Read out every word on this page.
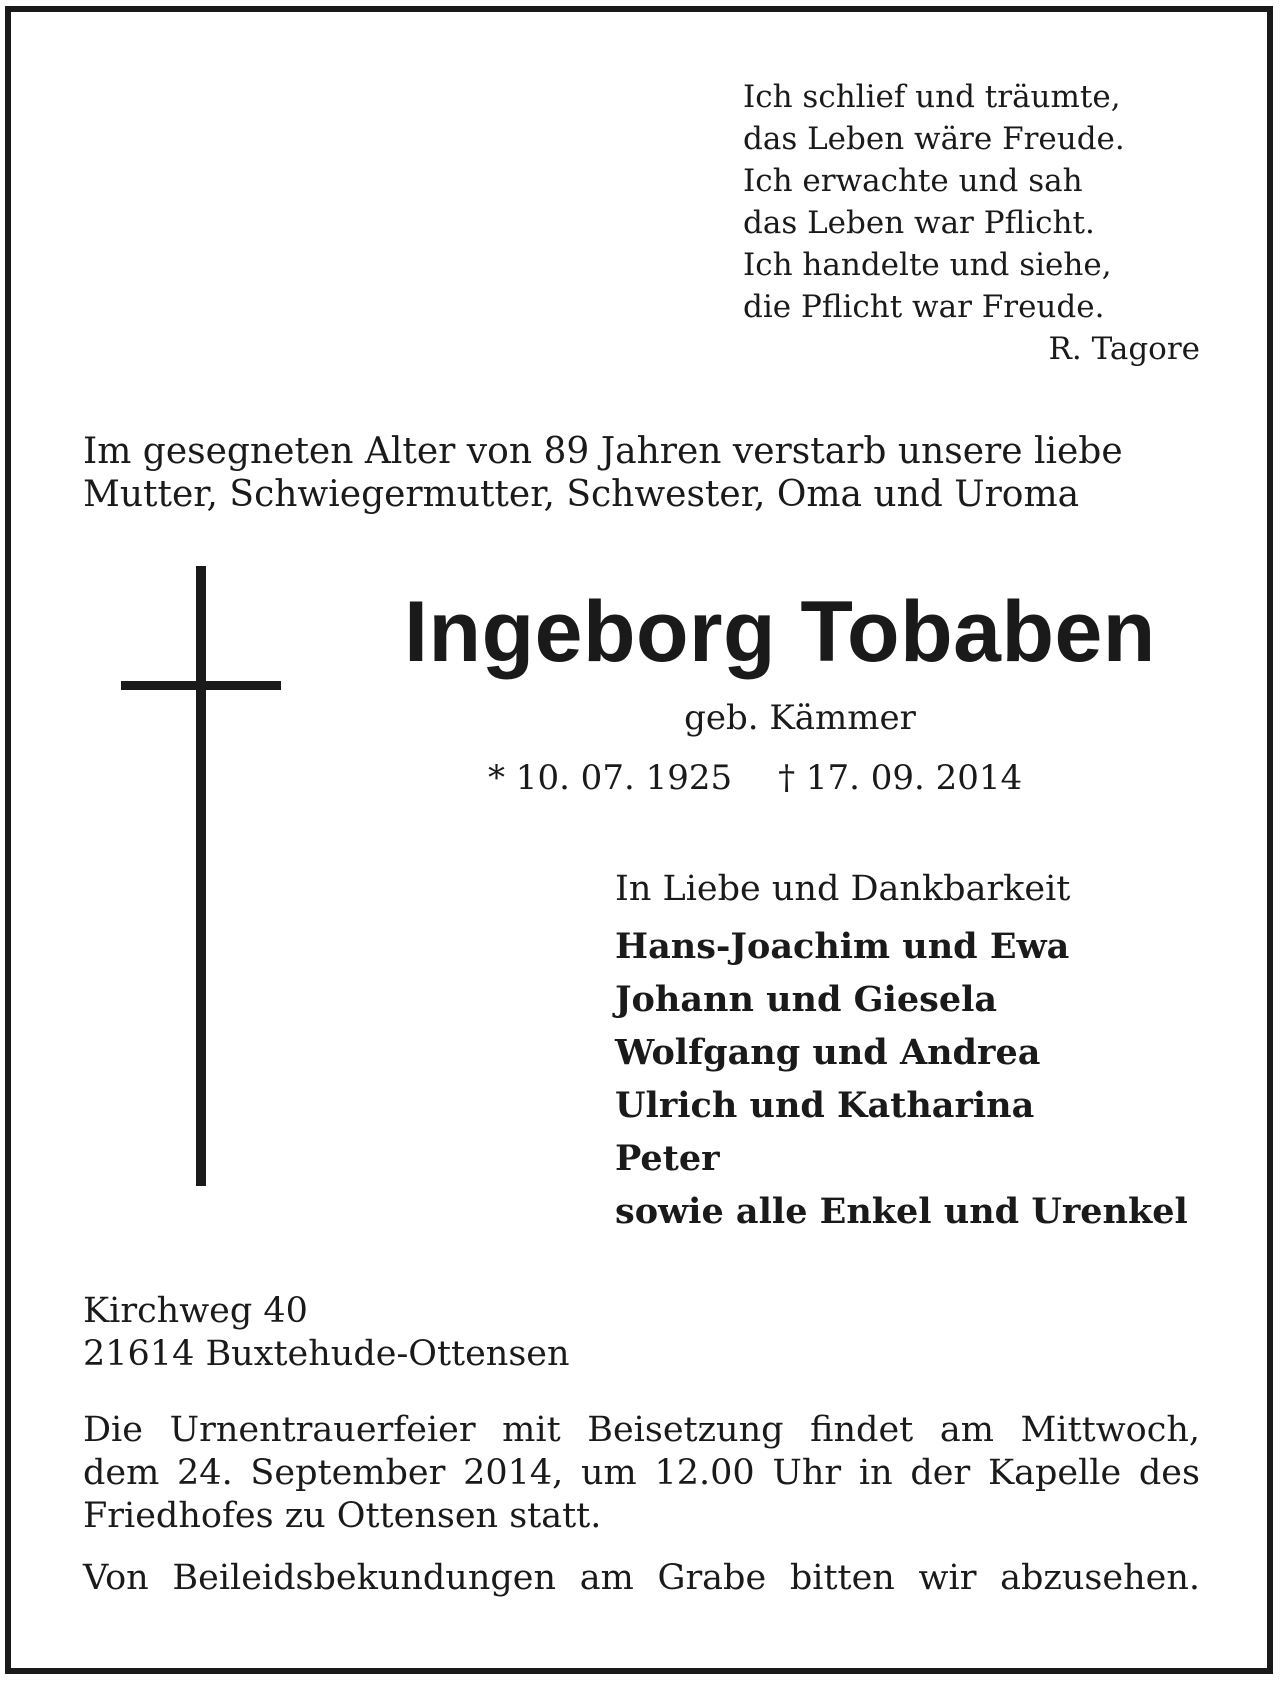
Ich schlief und träumte,
das Leben wäre Freude.
Ich erwachte und sah
das Leben war Pflicht.
Ich handelte und siehe,
die Pflicht war Freude.
R. Tagore
Im gesegneten Alter von 89 Jahren verstarb unsere liebe
Mutter, Schwiegermutter, Schwester, Oma und Uroma
Ingeborg Tobaben
geb. Kämmer
* 10. 07. 1925 † 17. 09. 2014
In Liebe und Dankbarkeit
Hans-Joachim und Ewa
Johann und Giesela
Wolfgang und Andrea
Ulrich und Katharina
Peter
sowie alle Enkel und Urenkel
Kirchweg 40
21614 Buxtehude-Ottensen
Die Urnentrauerfeier mit Beisetzung findet am Mittwoch,
dem 24. September 2014, um 12.00 Uhr in der Kapelle des
Friedhofes zu Ottensen statt.
Von Beileidsbekundungen am Grabe bitten wir abzusehen.
